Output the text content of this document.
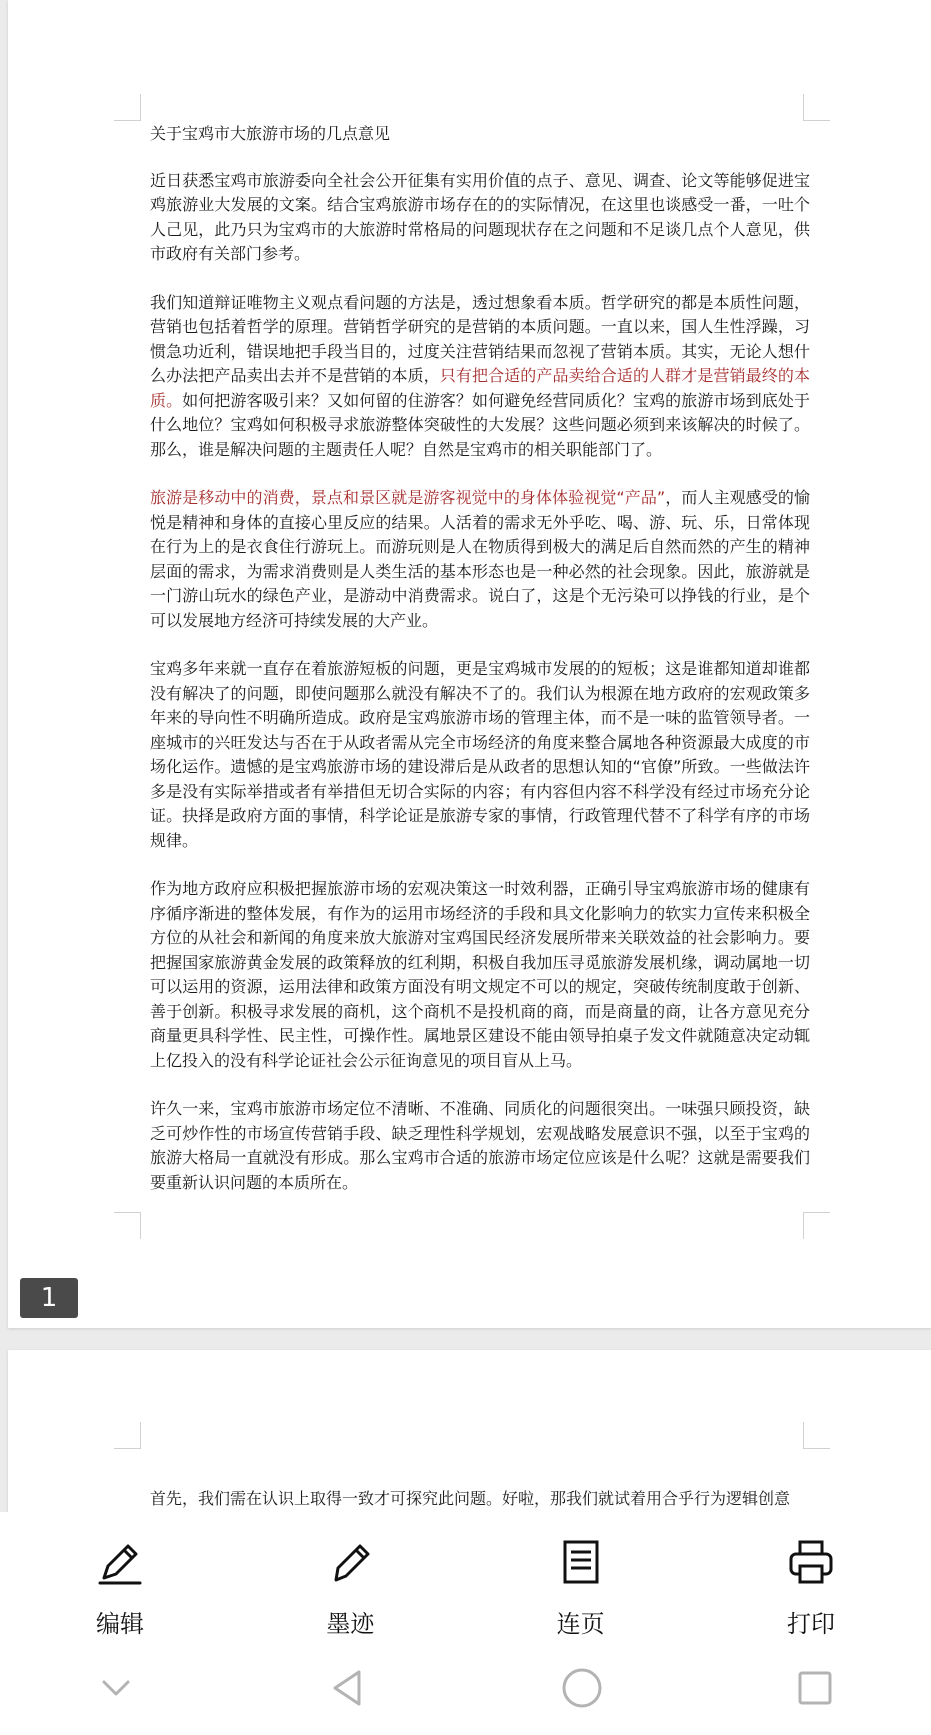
关于宝鸡市大旅游市场的几点意见

近日获悉宝鸡市旅游委向全社会公开征集有实用价值的点子、意见、调查、论文等能够促进宝鸡旅游业大发展的文案。结合宝鸡旅游市场存在的的实际情况，在这里也谈感受一番，一吐个人己见，此乃只为宝鸡市的大旅游时常格局的问题现状存在之问题和不足谈几点个人意见，供市政府有关部门参考。

我们知道辩证唯物主义观点看问题的方法是，透过想象看本质。哲学研究的都是本质性问题，营销也包括着哲学的原理。营销哲学研究的是营销的本质问题。一直以来，国人生性浮躁，习惯急功近利，错误地把手段当目的，过度关注营销结果而忽视了营销本质。其实，无论人想什么办法把产品卖出去并不是营销的本质，只有把合适的产品卖给合适的人群才是营销最终的本质。如何把游客吸引来？又如何留的住游客？如何避免经营同质化？宝鸡的旅游市场到底处于什么地位？宝鸡如何积极寻求旅游整体突破性的大发展？这些问题必须到来该解决的时候了。那么，谁是解决问题的主题责任人呢？自然是宝鸡市的相关职能部门了。

旅游是移动中的消费，景点和景区就是游客视觉中的身体体验视觉“产品”，而人主观感受的愉悦是精神和身体的直接心里反应的结果。人活着的需求无外乎吃、喝、游、玩、乐，日常体现在行为上的是衣食住行游玩上。而游玩则是人在物质得到极大的满足后自然而然的产生的精神层面的需求，为需求消费则是人类生活的基本形态也是一种必然的社会现象。因此，旅游就是一门游山玩水的绿色产业，是游动中消费需求。说白了，这是个无污染可以挣钱的行业，是个可以发展地方经济可持续发展的大产业。

宝鸡多年来就一直存在着旅游短板的问题，更是宝鸡城市发展的的短板；这是谁都知道却谁都没有解决了的问题，即使问题那么就没有解决不了的。我们认为根源在地方政府的宏观政策多年来的导向性不明确所造成。政府是宝鸡旅游市场的管理主体，而不是一味的监管领导者。一座城市的兴旺发达与否在于从政者需从完全市场经济的角度来整合属地各种资源最大成度的市场化运作。遗憾的是宝鸡旅游市场的建设滞后是从政者的思想认知的“官僚”所致。一些做法许多是没有实际举措或者有举措但无切合实际的内容；有内容但内容不科学没有经过市场充分论证。抉择是政府方面的事情，科学论证是旅游专家的事情，行政管理代替不了科学有序的市场规律。

作为地方政府应积极把握旅游市场的宏观决策这一时效利器，正确引导宝鸡旅游市场的健康有序循序渐进的整体发展，有作为的运用市场经济的手段和具文化影响力的软实力宣传来积极全方位的从社会和新闻的角度来放大旅游对宝鸡国民经济发展所带来关联效益的社会影响力。要把握国家旅游黄金发展的政策释放的红利期，积极自我加压寻觅旅游发展机缘，调动属地一切可以运用的资源，运用法律和政策方面没有明文规定不可以的规定，突破传统制度敢于创新、善于创新。积极寻求发展的商机，这个商机不是投机商的商，而是商量的商，让各方意见充分商量更具科学性、民主性，可操作性。属地景区建设不能由领导拍桌子发文件就随意决定动辄上亿投入的没有科学论证社会公示征询意见的项目盲从上马。

许久一来，宝鸡市旅游市场定位不清晰、不准确、同质化的问题很突出。一味强只顾投资，缺乏可炒作性的市场宣传营销手段、缺乏理性科学规划，宏观战略发展意识不强，以至于宝鸡的旅游大格局一直就没有形成。那么宝鸡市合适的旅游市场定位应该是什么呢？这就是需要我们要重新认识问题的本质所在。

1

首先，我们需在认识上取得一致才可探究此问题。好啦，那我们就试着用合乎行为逻辑创意

编辑	墨迹	连页	打印
